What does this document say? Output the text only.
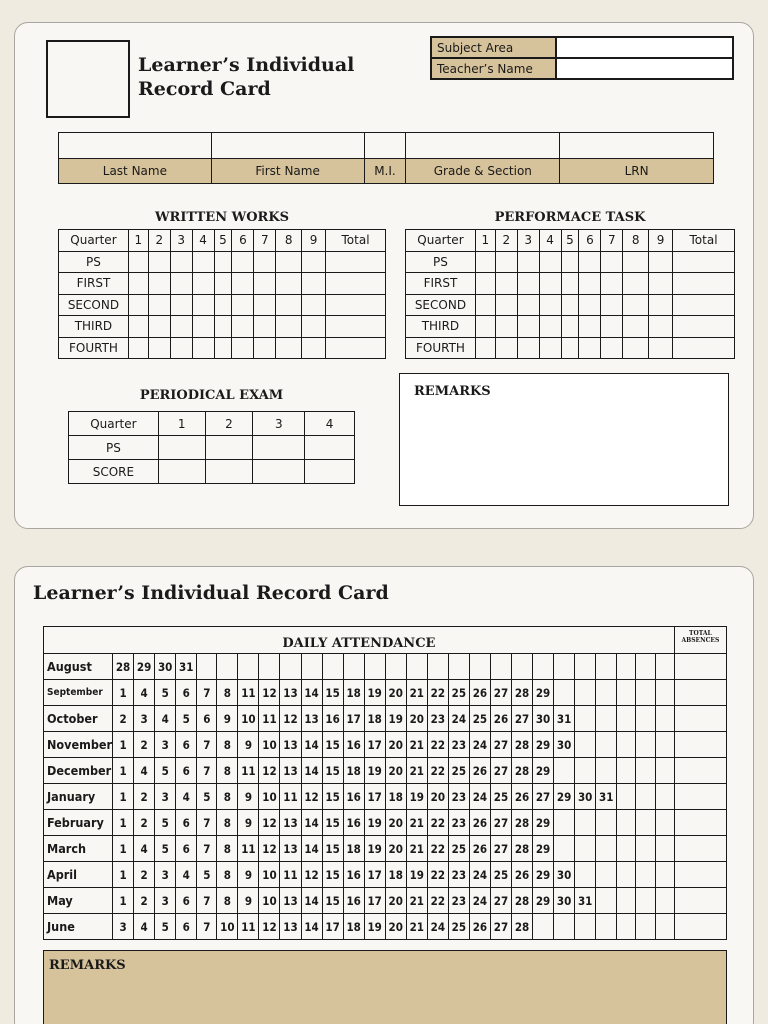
Learner’s Individual
Record Card
Subject Area	
Teacher’s Name	

Last Name	First Name	M.I.	Grade & Section	LRN
WRITTEN WORKS
Quarter	1	2	3	4	5	6	7	8	9	Total
PS										
FIRST										
SECOND										
THIRD										
FOURTH										
PERFORMACE TASK
Quarter	1	2	3	4	5	6	7	8	9	Total
PS										
FIRST										
SECOND										
THIRD										
FOURTH										
PERIODICAL EXAM
Quarter	1	2	3	4
PS				
SCORE				
REMARKS
Learner’s Individual Record Card
DAILY ATTENDANCE																												TOTAL ABSENCES
August	28	29	30	31																								
September	1	4	5	6	7	8	11	12	13	14	15	18	19	20	21	22	25	26	27	28	29							
October	2	3	4	5	6	9	10	11	12	13	16	17	18	19	20	23	24	25	26	27	30	31						
November	1	2	3	6	7	8	9	10	13	14	15	16	17	20	21	22	23	24	27	28	29	30						
December	1	4	5	6	7	8	11	12	13	14	15	18	19	20	21	22	25	26	27	28	29							
January	1	2	3	4	5	8	9	10	11	12	15	16	17	18	19	20	23	24	25	26	27	29	30	31				
February	1	2	5	6	7	8	9	12	13	14	15	16	19	20	21	22	23	26	27	28	29							
March	1	4	5	6	7	8	11	12	13	14	15	18	19	20	21	22	25	26	27	28	29							
April	1	2	3	4	5	8	9	10	11	12	15	16	17	18	19	22	23	24	25	26	29	30						
May	1	2	3	6	7	8	9	10	13	14	15	16	17	20	21	22	23	24	27	28	29	30	31					
June	3	4	5	6	7	10	11	12	13	14	17	18	19	20	21	24	25	26	27	28								
REMARKS
